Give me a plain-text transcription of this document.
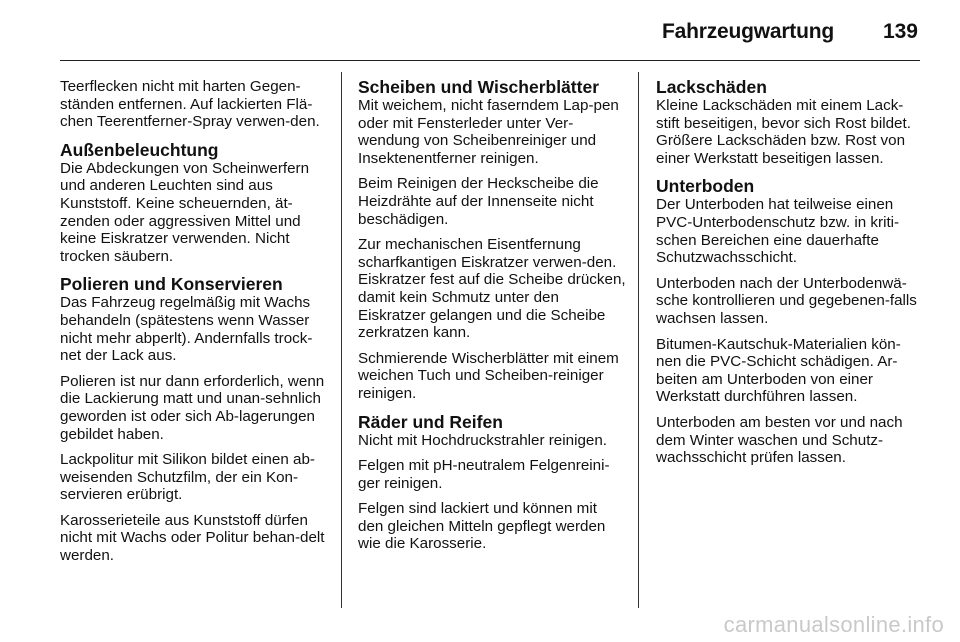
Fahrzeugwartung 139

Teerflecken nicht mit harten Gegen-ständen entfernen. Auf lackierten Flä-chen Teerentferner-Spray verwen-den.

Außenbeleuchtung

Die Abdeckungen von Scheinwerfern und anderen Leuchten sind aus Kunststoff. Keine scheuernden, ät-zenden oder aggressiven Mittel und keine Eiskratzer verwenden. Nicht trocken säubern.

Polieren und Konservieren

Das Fahrzeug regelmäßig mit Wachs behandeln (spätestens wenn Wasser nicht mehr abperlt). Andernfalls trock-net der Lack aus.

Polieren ist nur dann erforderlich, wenn die Lackierung matt und unan-sehnlich geworden ist oder sich Ab-lagerungen gebildet haben.

Lackpolitur mit Silikon bildet einen ab-weisenden Schutzfilm, der ein Kon-servieren erübrigt.

Karosserieteile aus Kunststoff dürfen nicht mit Wachs oder Politur behan-delt werden.

Scheiben und Wischerblätter

Mit weichem, nicht faserndem Lap-pen oder mit Fensterleder unter Ver-wendung von Scheibenreiniger und Insektenentferner reinigen.

Beim Reinigen der Heckscheibe die Heizdrähte auf der Innenseite nicht beschädigen.

Zur mechanischen Eisentfernung scharfkantigen Eiskratzer verwen-den. Eiskratzer fest auf die Scheibe drücken, damit kein Schmutz unter den Eiskratzer gelangen und die Scheibe zerkratzen kann.

Schmierende Wischerblätter mit einem weichen Tuch und Scheiben-reiniger reinigen.

Räder und Reifen

Nicht mit Hochdruckstrahler reinigen.

Felgen mit pH-neutralem Felgenreini-ger reinigen.

Felgen sind lackiert und können mit den gleichen Mitteln gepflegt werden wie die Karosserie.

Lackschäden

Kleine Lackschäden mit einem Lack-stift beseitigen, bevor sich Rost bildet. Größere Lackschäden bzw. Rost von einer Werkstatt beseitigen lassen.

Unterboden

Der Unterboden hat teilweise einen PVC-Unterbodenschutz bzw. in kriti-schen Bereichen eine dauerhafte Schutzwachsschicht.

Unterboden nach der Unterbodenwä-sche kontrollieren und gegebenen-falls wachsen lassen.

Bitumen-Kautschuk-Materialien kön-nen die PVC-Schicht schädigen. Ar-beiten am Unterboden von einer Werkstatt durchführen lassen.

Unterboden am besten vor und nach dem Winter waschen und Schutz-wachsschicht prüfen lassen.

carmanualsonline.info
